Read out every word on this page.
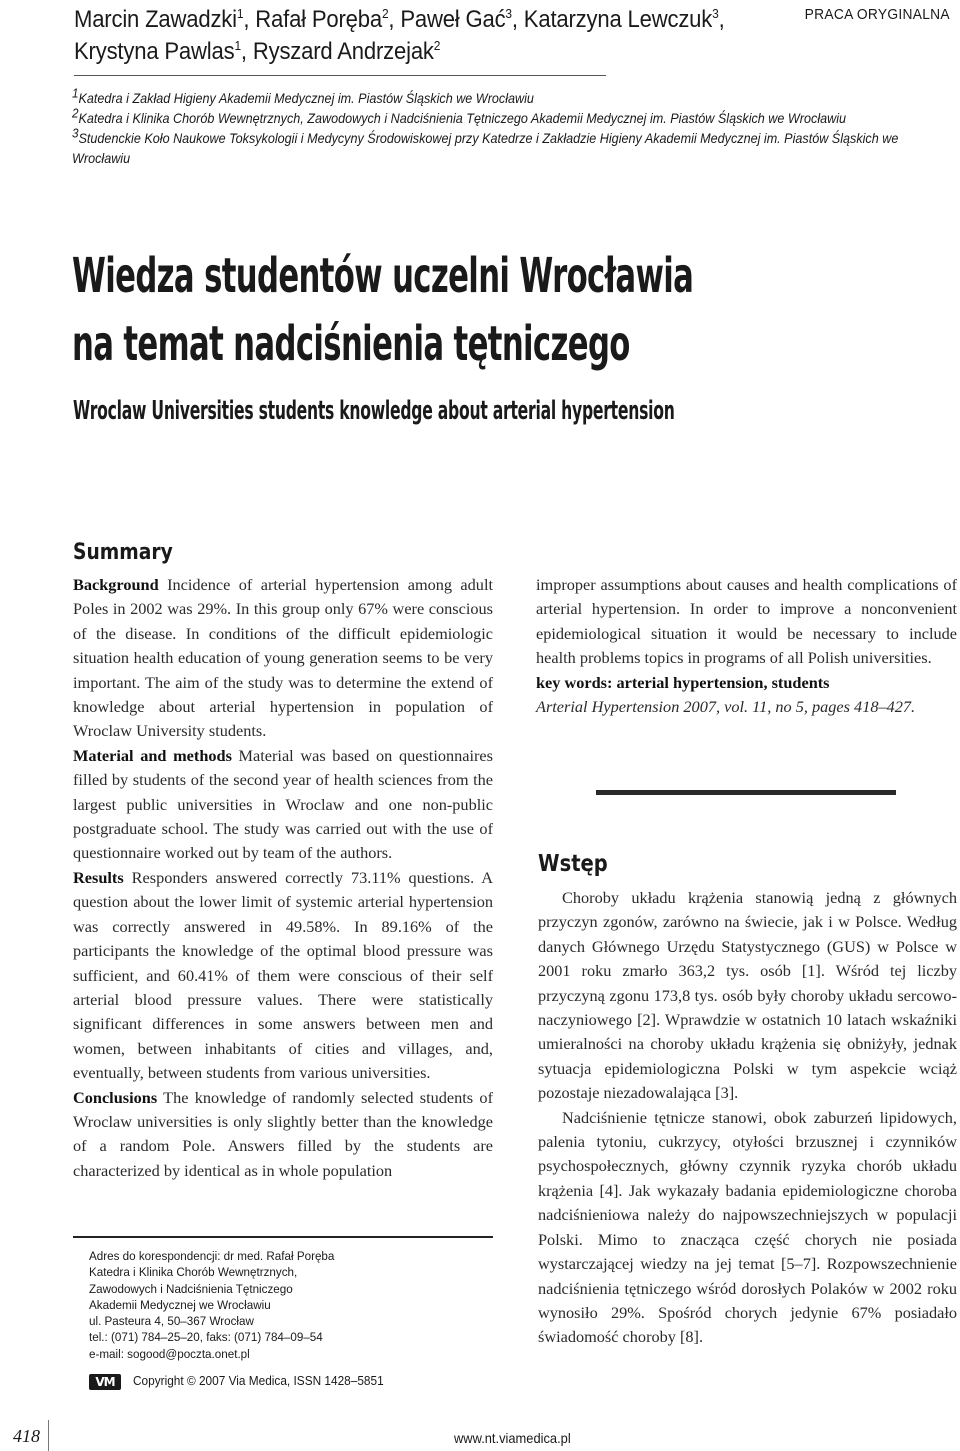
Marcin Zawadzki$^1$, Rafał Poręba$^2$, Paweł Gać$^3$, Katarzyna Lewczuk$^3$,
Krystyna Pawlas$^1$, Ryszard Andrzejak$^2$
PRACA ORYGINALNA
1Katedra i Zakład Higieny Akademii Medycznej im. Piastów Śląskich we Wrocławiu
2Katedra i Klinika Chorób Wewnętrznych, Zawodowych i Nadciśnienia Tętniczego Akademii Medycznej im. Piastów Śląskich we Wrocławiu
3Studenckie Koło Naukowe Toksykologii i Medycyny Środowiskowej przy Katedrze i Zakładzie Higieny Akademii Medycznej im. Piastów Śląskich we
Wrocławiu
Wiedza studentów uczelni Wrocławia
na temat nadciśnienia tętniczego
Wroclaw Universities students knowledge about arterial hypertension
Summary

Background Incidence of arterial hypertension among adult Poles in 2002 was 29%. In this group only 67% were conscious of the disease. In conditions of the difficult epidemiologic situation health education of young generation seems to be very important. The aim of the study was to determine the extend of knowledge about arterial hypertension in population of Wroclaw University students.

Material and methods Material was based on questionnaires filled by students of the second year of health sciences from the largest public universities in Wroclaw and one non-public postgraduate school. The study was carried out with the use of questionnaire worked out by team of the authors.

Results Responders answered correctly 73.11% questions. A question about the lower limit of systemic arterial hypertension was correctly answered in 49.58%. In 89.16% of the participants the knowledge of the optimal blood pressure was sufficient, and 60.41% of them were conscious of their self arterial blood pressure values. There were statistically significant differences in some answers between men and women, between inhabitants of cities and villages, and, eventually, between students from various universities.

Conclusions The knowledge of randomly selected students of Wroclaw universities is only slightly better than the knowledge of a random Pole. Answers filled by the students are characterized by identical as in whole population

improper assumptions about causes and health complications of arterial hypertension. In order to improve a nonconvenient epidemiological situation it would be necessary to include health problems topics in programs of all Polish universities.

key words: arterial hypertension, students

Arterial Hypertension 2007, vol. 11, no 5, pages 418–427.

Wstęp

Choroby układu krążenia stanowią jedną z głównych przyczyn zgonów, zarówno na świecie, jak i w Polsce. Według danych Głównego Urzędu Statystycznego (GUS) w Polsce w 2001 roku zmarło 363,2 tys. osób [1]. Wśród tej liczby przyczyną zgonu 173,8 tys. osób były choroby układu sercowo-naczyniowego [2]. Wprawdzie w ostatnich 10 latach wskaźniki umieralności na choroby układu krążenia się obniżyły, jednak sytuacja epidemiologiczna Polski w tym aspekcie wciąż pozostaje niezadowalająca [3].

Nadciśnienie tętnicze stanowi, obok zaburzeń lipidowych, palenia tytoniu, cukrzycy, otyłości brzusznej i czynników psychospołecznych, główny czynnik ryzyka chorób układu krążenia [4]. Jak wykazały badania epidemiologiczne choroba nadciśnieniowa należy do najpowszechniejszych w populacji Polski. Mimo to znacząca część chorych nie posiada wystarczającej wiedzy na jej temat [5–7]. Rozpowszechnienie nadciśnienia tętniczego wśród dorosłych Polaków w 2002 roku wynosiło 29%. Spośród chorych jedynie 67% posiadało świadomość choroby [8].

Adres do korespondencji: dr med. Rafał Poręba
Katedra i Klinika Chorób Wewnętrznych,
Zawodowych i Nadciśnienia Tętniczego
Akademii Medycznej we Wrocławiu
ul. Pasteura 4, 50–367 Wrocław
tel.: (071) 784–25–20, faks: (071) 784–09–54
e-mail: sogood@poczta.onet.pl
VM	Copyright © 2007 Via Medica, ISSN 1428–5851
418	www.nt.viamedica.pl
